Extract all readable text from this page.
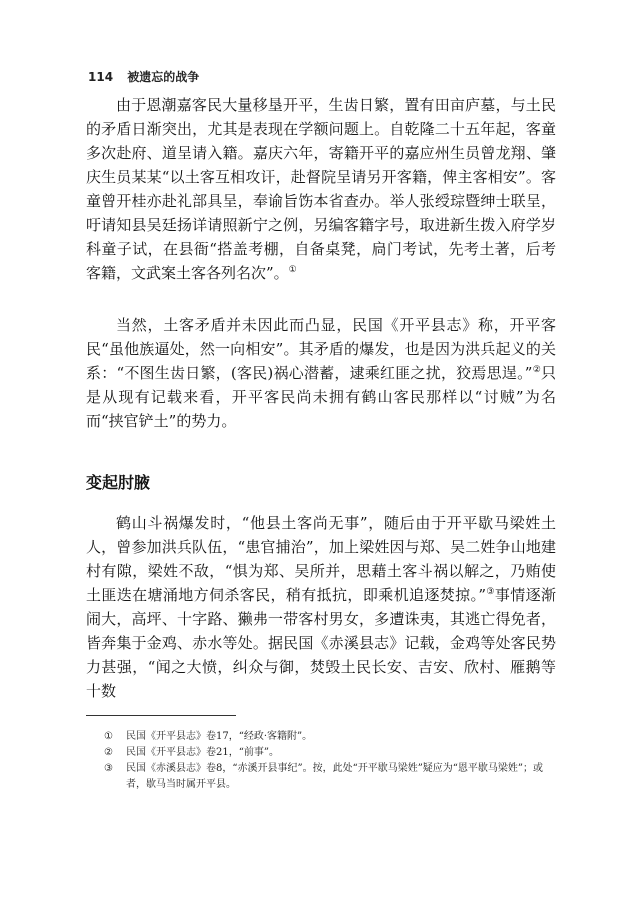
114 被遗忘的战争

由于恩潮嘉客民大量移垦开平，生齿日繁，置有田亩庐墓，与土民的矛盾日渐突出，尤其是表现在学额问题上。自乾隆二十五年起，客童多次赴府、道呈请入籍。嘉庆六年，寄籍开平的嘉应州生员曾龙翔、肇庆生员某某“以土客互相攻讦，赴督院呈请另开客籍，俾主客相安”。客童曾开桂亦赴礼部具呈，奉谕旨饬本省查办。举人张绶琮暨绅士联呈，吁请知县吴廷扬详请照新宁之例，另编客籍字号，取进新生拨入府学岁科童子试，在县衙“搭盖考棚，自备桌凳，扃门考试，先考土著，后考客籍，文武案土客各列名次”。①

当然，土客矛盾并未因此而凸显，民国《开平县志》称，开平客民“虽他族逼处，然一向相安”。其矛盾的爆发，也是因为洪兵起义的关系：“不图生齿日繁，(客民)祸心潜蓄，逮乘红匪之扰，狡焉思逞。”②只是从现有记载来看，开平客民尚未拥有鹤山客民那样以“讨贼”为名而“挟官铲土”的势力。

变起肘腋

鹤山斗祸爆发时，“他县土客尚无事”，随后由于开平歇马梁姓土人，曾参加洪兵队伍，“患官捕治”，加上梁姓因与郑、吴二姓争山地建村有隙，梁姓不敌，“惧为郑、吴所并，思藉土客斗祸以解之，乃贿使土匪迭在塘涌地方伺杀客民，稍有抵抗，即乘机追逐焚掠。”③事情逐渐闹大，高坪、十字路、獭弗一带客村男女，多遭诛夷，其逃亡得免者，皆奔集于金鸡、赤水等处。据民国《赤溪县志》记载，金鸡等处客民势力甚强，“闻之大愤，纠众与御，焚毁土民长安、吉安、欣村、雁鹅等十数

①	民国《开平县志》卷17，“经政·客籍附”。
②	民国《开平县志》卷21，“前事”。
③	民国《赤溪县志》卷8，“赤溪开县事纪”。按，此处“开平歇马梁姓”疑应为“恩平歇马梁姓”；或者，歇马当时属开平县。
